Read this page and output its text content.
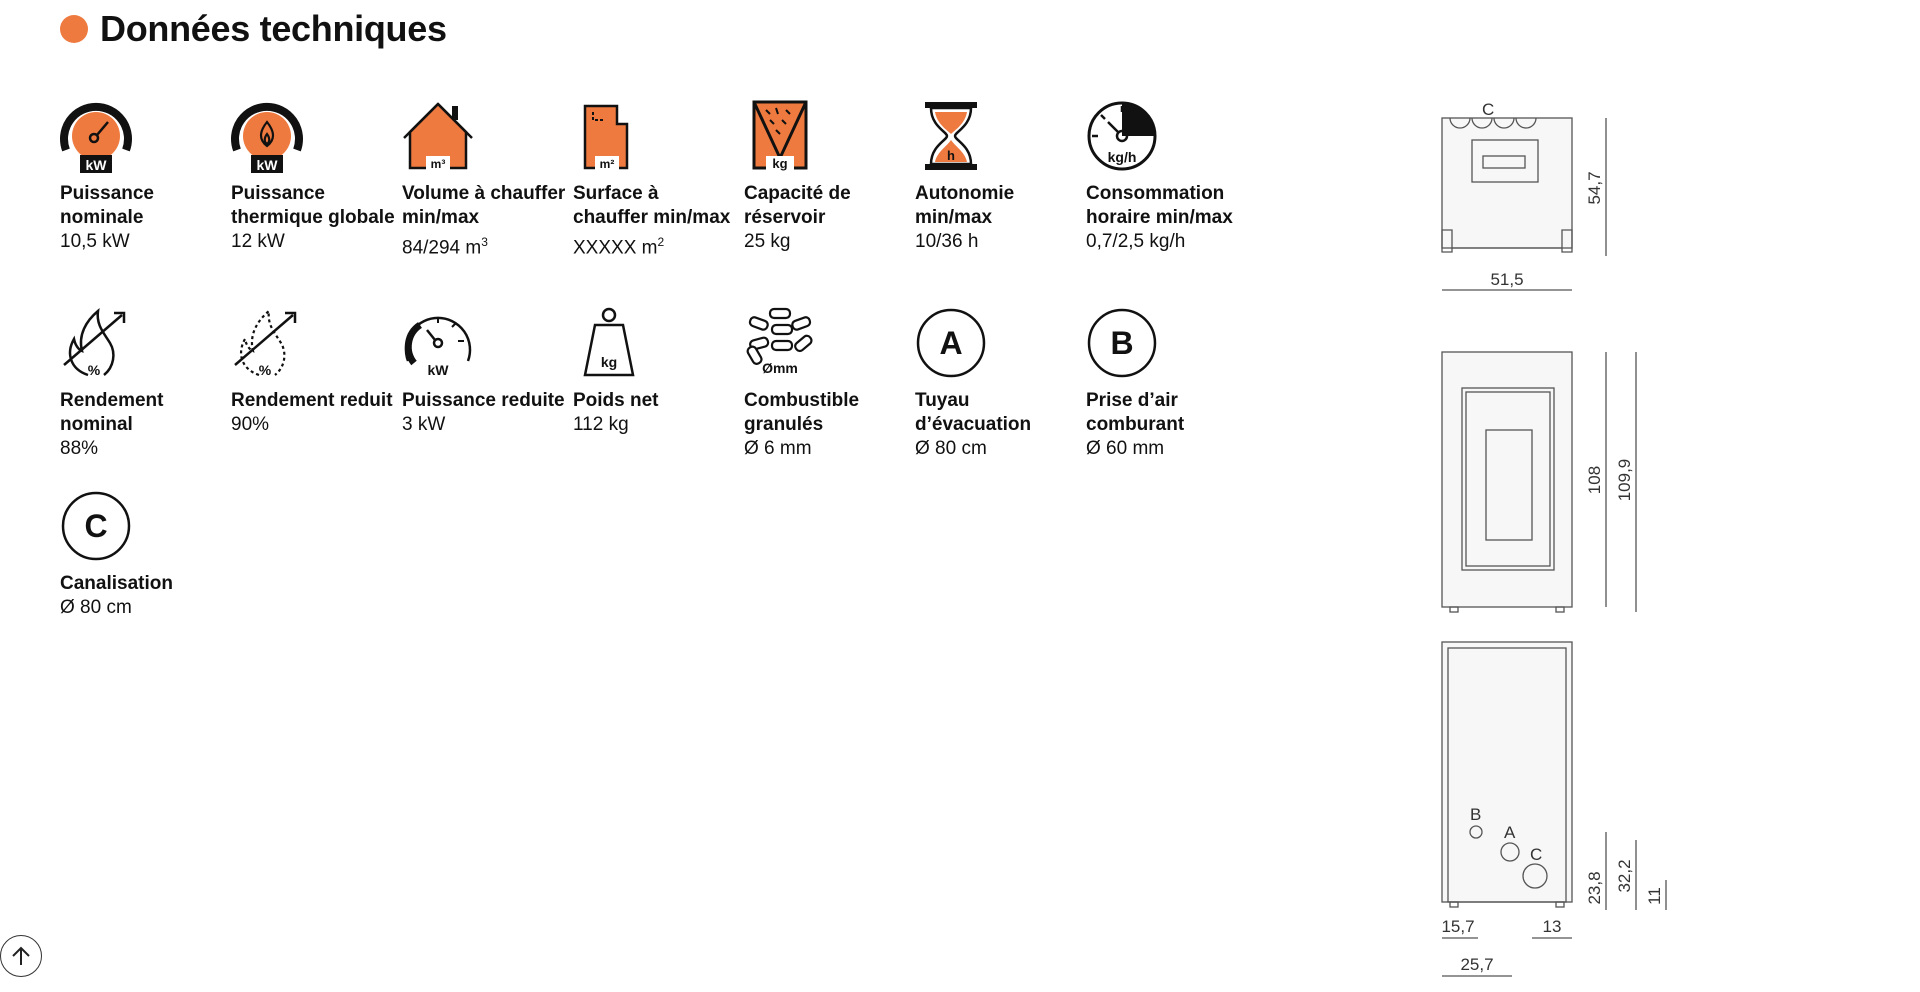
Données techniques
kW
Puissance nominale
10,5 kW
kW
Puissance thermique globale
12 kW
m³
Volume à chauffer min/max
84/294 $m^3$
m²
Surface à chauffer min/max
XXXXX $m^2$
kg
Capacité de réservoir
25 kg
h
Autonomie min/max
10/36 h
kg/h
Consommation horaire min/max
0,7/2,5 kg/h
%
Rendement nominal
88%
%
Rendement reduit
90%
kW
Puissance reduite
3 kW
kg
Poids net
112 kg
Ømm
Combustible granulés
Ø 6 mm
A
Tuyau d’évacuation
Ø 80 cm
B
Prise d’air comburant
Ø 60 mm
C
Canalisation
Ø 80 cm
C
51,5
54,7
108 109,9
B
A
C
23,8 32,2
11
15,7	13
25,7
